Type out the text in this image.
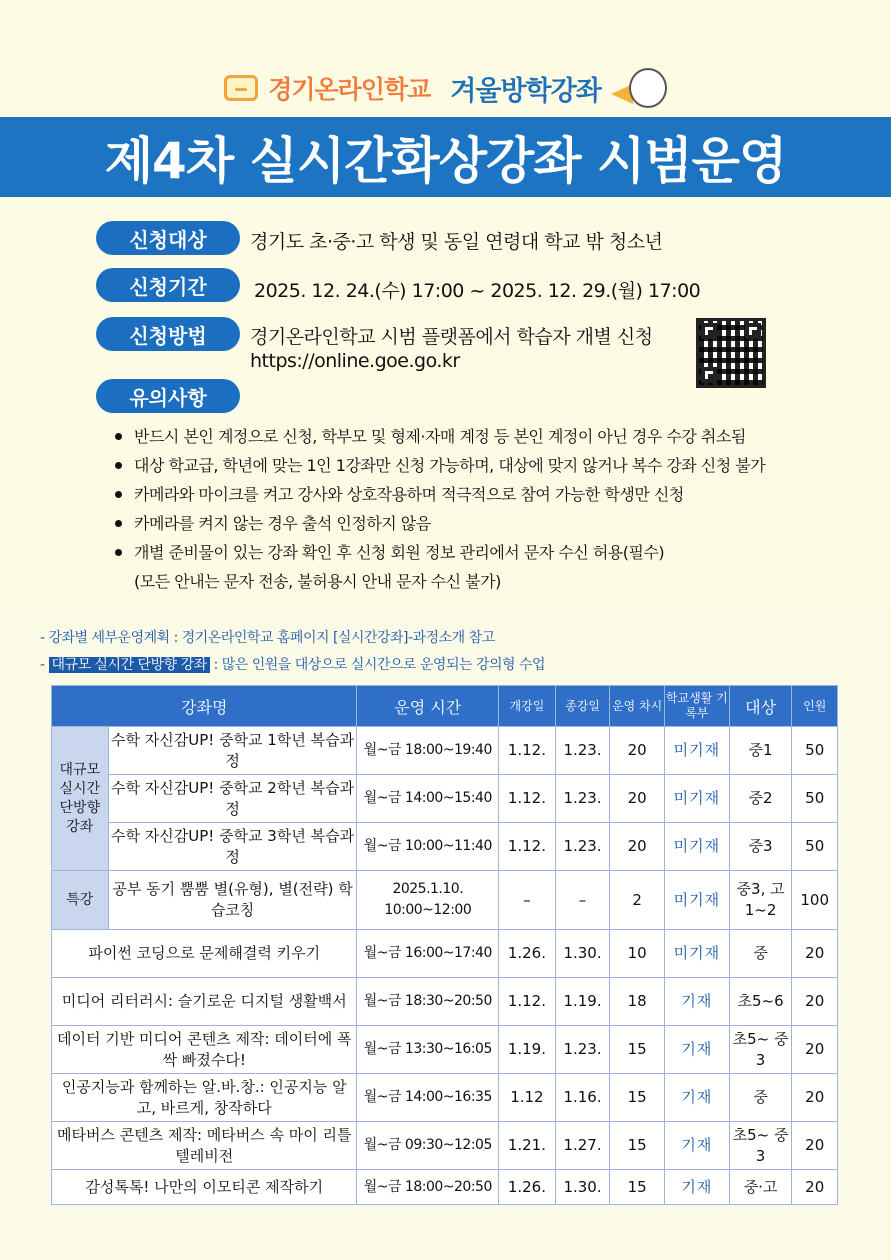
경기온라인학교 겨울방학강좌
제4차 실시간화상강좌 시범운영
신청대상	경기도 초·중·고 학생 및 동일 연령대 학교 밖 청소년
신청기간	2025. 12. 24.(수) 17:00 ~ 2025. 12. 29.(월) 17:00
신청방법	경기온라인학교 시범 플랫폼에서 학습자 개별 신청
https://online.goe.go.kr
유의사항
반드시 본인 계정으로 신청, 학부모 및 형제·자매 계정 등 본인 계정이 아닌 경우 수강 취소됨
대상 학교급, 학년에 맞는 1인 1강좌만 신청 가능하며, 대상에 맞지 않거나 복수 강좌 신청 불가
카메라와 마이크를 켜고 강사와 상호작용하며 적극적으로 참여 가능한 학생만 신청
카메라를 켜지 않는 경우 출석 인정하지 않음
개별 준비물이 있는 강좌 확인 후 신청 회원 정보 관리에서 문자 수신 허용(필수)
(모든 안내는 문자 전송, 불허용시 안내 문자 수신 불가)
- 강좌별 세부운영계획 : 경기온라인학교 홈페이지 [실시간강좌]-과정소개 참고
- 대규모 실시간 단방향 강좌 : 많은 인원을 대상으로 실시간으로 운영되는 강의형 수업
강좌명		운영 시간	개강일	종강일	운영 차시	학교생활 기록부	대상	인원
대규모 실시간 단방향 강좌	수학 자신감UP! 중학교 1학년 복습과정	월~금 18:00~19:40	1.12.	1.23.	20	미기재	중1	50
	수학 자신감UP! 중학교 2학년 복습과정	월~금 14:00~15:40	1.12.	1.23.	20	미기재	중2	50
	수학 자신감UP! 중학교 3학년 복습과정	월~금 10:00~11:40	1.12.	1.23.	20	미기재	중3	50
특강	공부 동기 뿜뿜 별(유형), 별(전략) 학습코칭	2025.1.10. 10:00~12:00	–	–	2	미기재	중3, 고1~2	100
파이썬 코딩으로 문제해결력 키우기		월~금 16:00~17:40	1.26.	1.30.	10	미기재	중	20
미디어 리터러시: 슬기로운 디지털 생활백서		월~금 18:30~20:50	1.12.	1.19.	18	기재	초5~6	20
데이터 기반 미디어 콘텐츠 제작: 데이터에 폭싹 빠졌수다!		월~금 13:30~16:05	1.19.	1.23.	15	기재	초5~ 중3	20
인공지능과 함께하는 알.바.창.: 인공지능 알고, 바르게, 창작하다		월~금 14:00~16:35	1.12	1.16.	15	기재	중	20
메타버스 콘텐츠 제작: 메타버스 속 마이 리틀 텔레비전		월~금 09:30~12:05	1.21.	1.27.	15	기재	초5~ 중3	20
감성톡톡! 나만의 이모티콘 제작하기		월~금 18:00~20:50	1.26.	1.30.	15	기재	중·고	20
